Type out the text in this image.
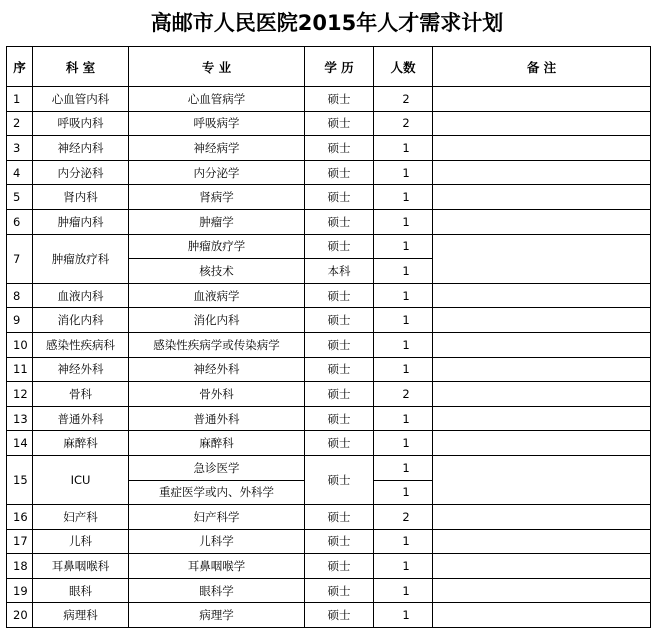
高邮市人民医院2015年人才需求计划
序	科 室	专 业	学 历	人数	备 注
1	心血管内科	心血管病学	硕士	2	
2	呼吸内科	呼吸病学	硕士	2	
3	神经内科	神经病学	硕士	1	
4	内分泌科	内分泌学	硕士	1	
5	肾内科	肾病学	硕士	1	
6	肿瘤内科	肿瘤学	硕士	1	
7	肿瘤放疗科	肿瘤放疗学	硕士	1	
		核技术	本科	1	
8	血液内科	血液病学	硕士	1	
9	消化内科	消化内科	硕士	1	
10	感染性疾病科	感染性疾病学或传染病学	硕士	1	
11	神经外科	神经外科	硕士	1	
12	骨科	骨外科	硕士	2	
13	普通外科	普通外科	硕士	1	
14	麻醉科	麻醉科	硕士	1	
15	ICU	急诊医学	硕士	1	
		重症医学或内、外科学		1	
16	妇产科	妇产科学	硕士	2	
17	儿科	儿科学	硕士	1	
18	耳鼻咽喉科	耳鼻咽喉学	硕士	1	
19	眼科	眼科学	硕士	1	
20	病理科	病理学	硕士	1	
